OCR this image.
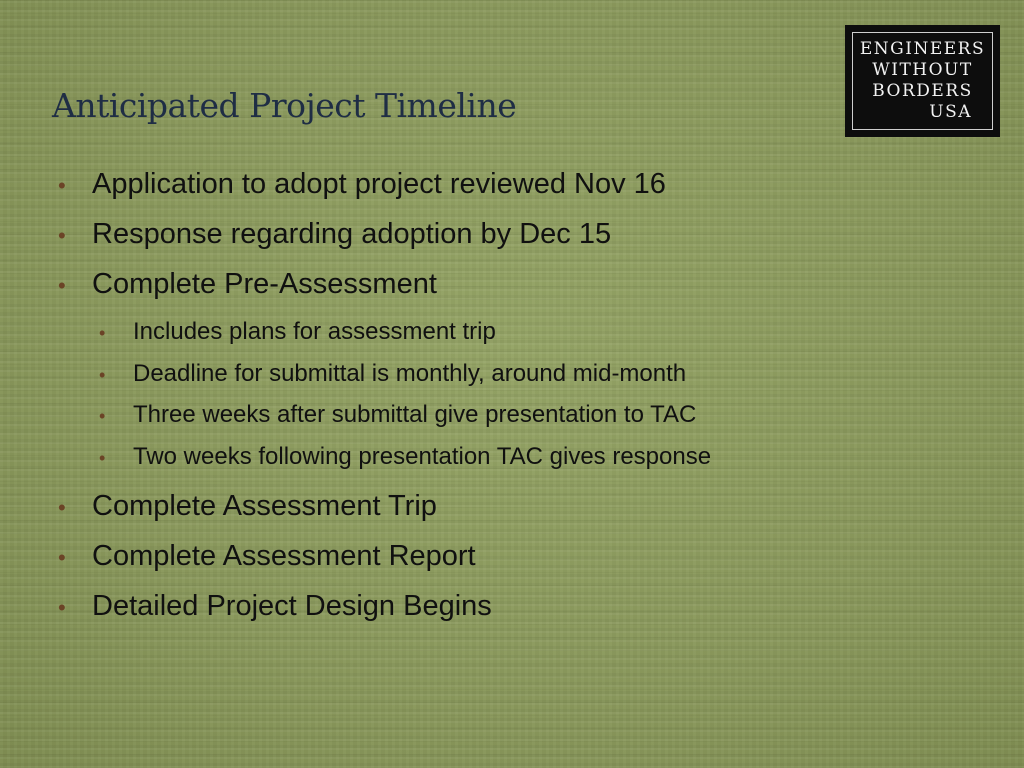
Anticipated Project Timeline
ENGINEERS
WITHOUT
BORDERS
USA
• Application to adopt project reviewed Nov 16
• Response regarding adoption by Dec 15
• Complete Pre-Assessment
•	Includes plans for assessment trip
•	Deadline for submittal is monthly, around mid-month
•	Three weeks after submittal give presentation to TAC
•	Two weeks following presentation TAC gives response
• Complete Assessment Trip
• Complete Assessment Report
• Detailed Project Design Begins
